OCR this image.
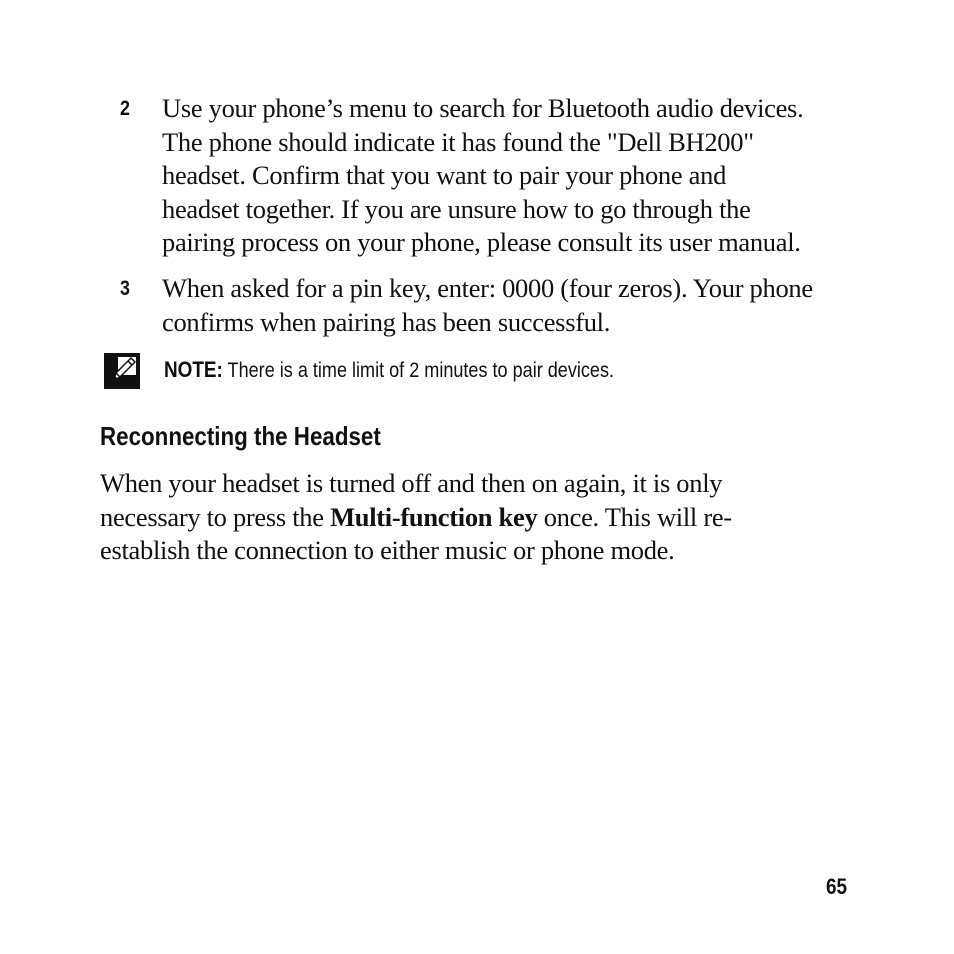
2 Use your phone’s menu to search for Bluetooth audio devices.
The phone should indicate it has found the "Dell BH200"
headset. Confirm that you want to pair your phone and
headset together. If you are unsure how to go through the
pairing process on your phone, please consult its user manual.
3 When asked for a pin key, enter: 0000 (four zeros). Your phone
confirms when pairing has been successful.
NOTE: There is a time limit of 2 minutes to pair devices.
Reconnecting the Headset
When your headset is turned off and then on again, it is only
necessary to press the Multi-function key once. This will re-
establish the connection to either music or phone mode.
65
